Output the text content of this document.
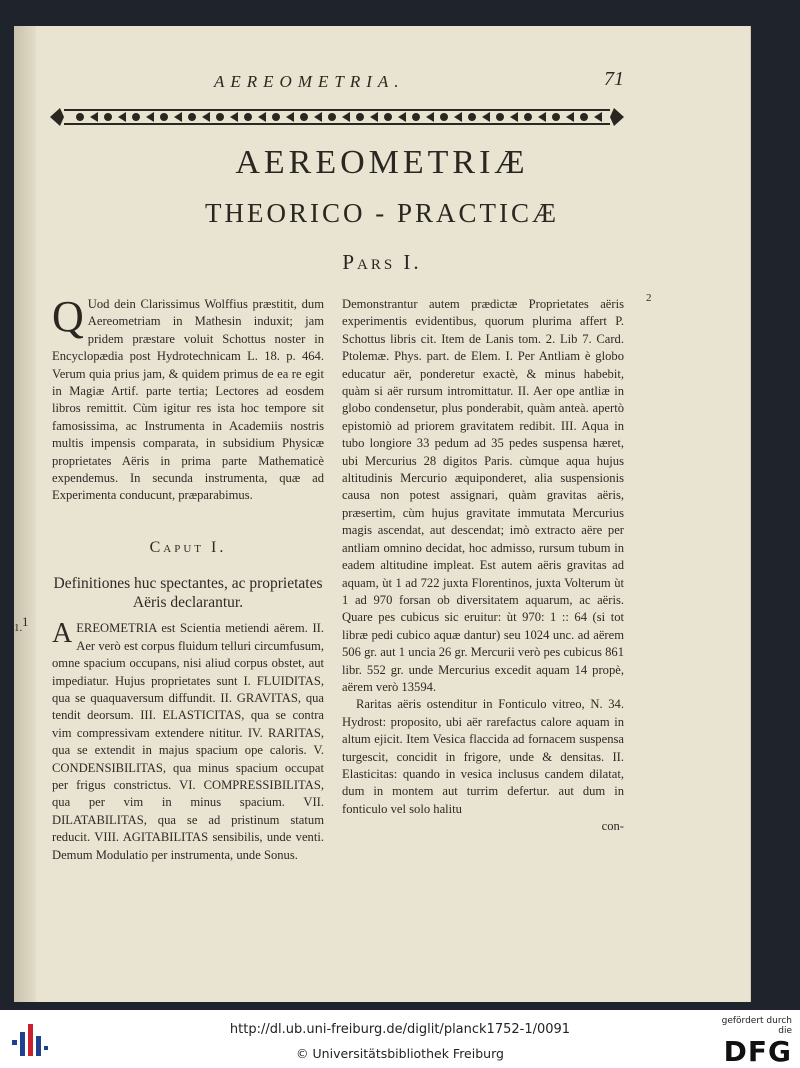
AEREOMETRIA.	71
AEREOMETRIÆ
THEORICO - PRACTICÆ
Pars I.

Q Uod dein Clarissimus Wolffius præstitit, dum Aereometriam in Mathesin induxit; jam pridem præstare voluit Schottus noster in Encyclopædia post Hydrotechnicam L. 18. p. 464. Verum quia prius jam, & quidem primus de ea re egit in Magiæ Artif. parte tertia; Lectores ad eosdem libros remittit. Cùm igitur res ista hoc tempore sit famosissima, ac Instrumenta in Academiis nostris multis impensis comparata, in subsidium Physicæ proprietates Aëris in prima parte Mathematicè expendemus. In secunda instrumenta, quæ ad Experimenta conducunt, præparabimus.

Caput I.
Definitiones huc spectantes, ac proprietates Aëris declarantur.

1. A EREOMETRIA est Scientia metiendi aërem. II. Aer verò est corpus fluidum telluri circumfusum, omne spacium occupans, nisi aliud corpus obstet, aut impediatur. Hujus proprietates sunt I. FLUIDITAS, qua se quaquaversum diffundit. II. GRAVITAS, qua tendit deorsum. III. ELASTICITAS, qua se contra vim compressivam extendere nititur. IV. RARITAS, qua se extendit in majus spacium ope caloris. V. CONDENSIBILITAS, qua minus spacium occupat per frigus constrictus. VI. COMPRESSIBILITAS, qua per vim in minus spacium. VII. DILATABILITAS, qua se ad pristinum statum reducit. VIII. AGITABILITAS sensibilis, unde venti. Demum Modulatio per instrumenta, unde Sonus.

Demonstrantur autem prædictæ Proprietates aëris experimentis evidentibus, quorum plurima affert P. Schottus libris cit. Item de Lanis tom. 2. Lib 7. Card. Ptolemæ. Phys. part. de Elem. I. Per Antliam è globo educatur aër, ponderetur exactè, & minus habebit, quàm si aër rursum intromittatur. II. Aer ope antliæ in globo condensetur, plus ponderabit, quàm anteà. apertò epistomiò ad priorem gravitatem redibit. III. Aqua in tubo longiore 33 pedum ad 35 pedes suspensa hæret, ubi Mercurius 28 digitos Paris. cùmque aqua hujus altitudinis Mercurio æquiponderet, alia suspensionis causa non potest assignari, quàm gravitas aëris, præsertim, cùm hujus gravitate immutata Mercurius magis ascendat, aut descendat; imò extracto aëre per antliam omnino decidat, hoc admisso, rursum tubum in eadem altitudine impleat. Est autem aëris gravitas ad aquam, ùt 1 ad 722 juxta Florentinos, juxta Volterum ùt 1 ad 970 forsan ob diversitatem aquarum, ac aëris. Quare pes cubicus sic eruitur: ùt 970: 1 :: 64 (si tot libræ pedi cubico aquæ dantur) seu 1024 unc. ad aërem 506 gr. aut 1 uncia 26 gr. Mercurii verò pes cubicus 861 libr. 552 gr. unde Mercurius excedit aquam 14 propè, aërem verò 13594.

Raritas aëris ostenditur in Fonticulo vitreo, N. 34. Hydrost: proposito, ubi aër rarefactus calore aquam in altum ejicit. Item Vesica flaccida ad fornacem suspensa turgescit, concidit in frigore, unde & densitas. II. Elasticitas: quando in vesica inclusus candem dilatat, dum in montem aut turrim defertur. aut dum in fonticulo vel solo halitu

con-

1
2
http://dl.ub.uni-freiburg.de/diglit/planck1752-1/0091
© Universitätsbibliothek Freiburg
gefördert durch die
DFG
